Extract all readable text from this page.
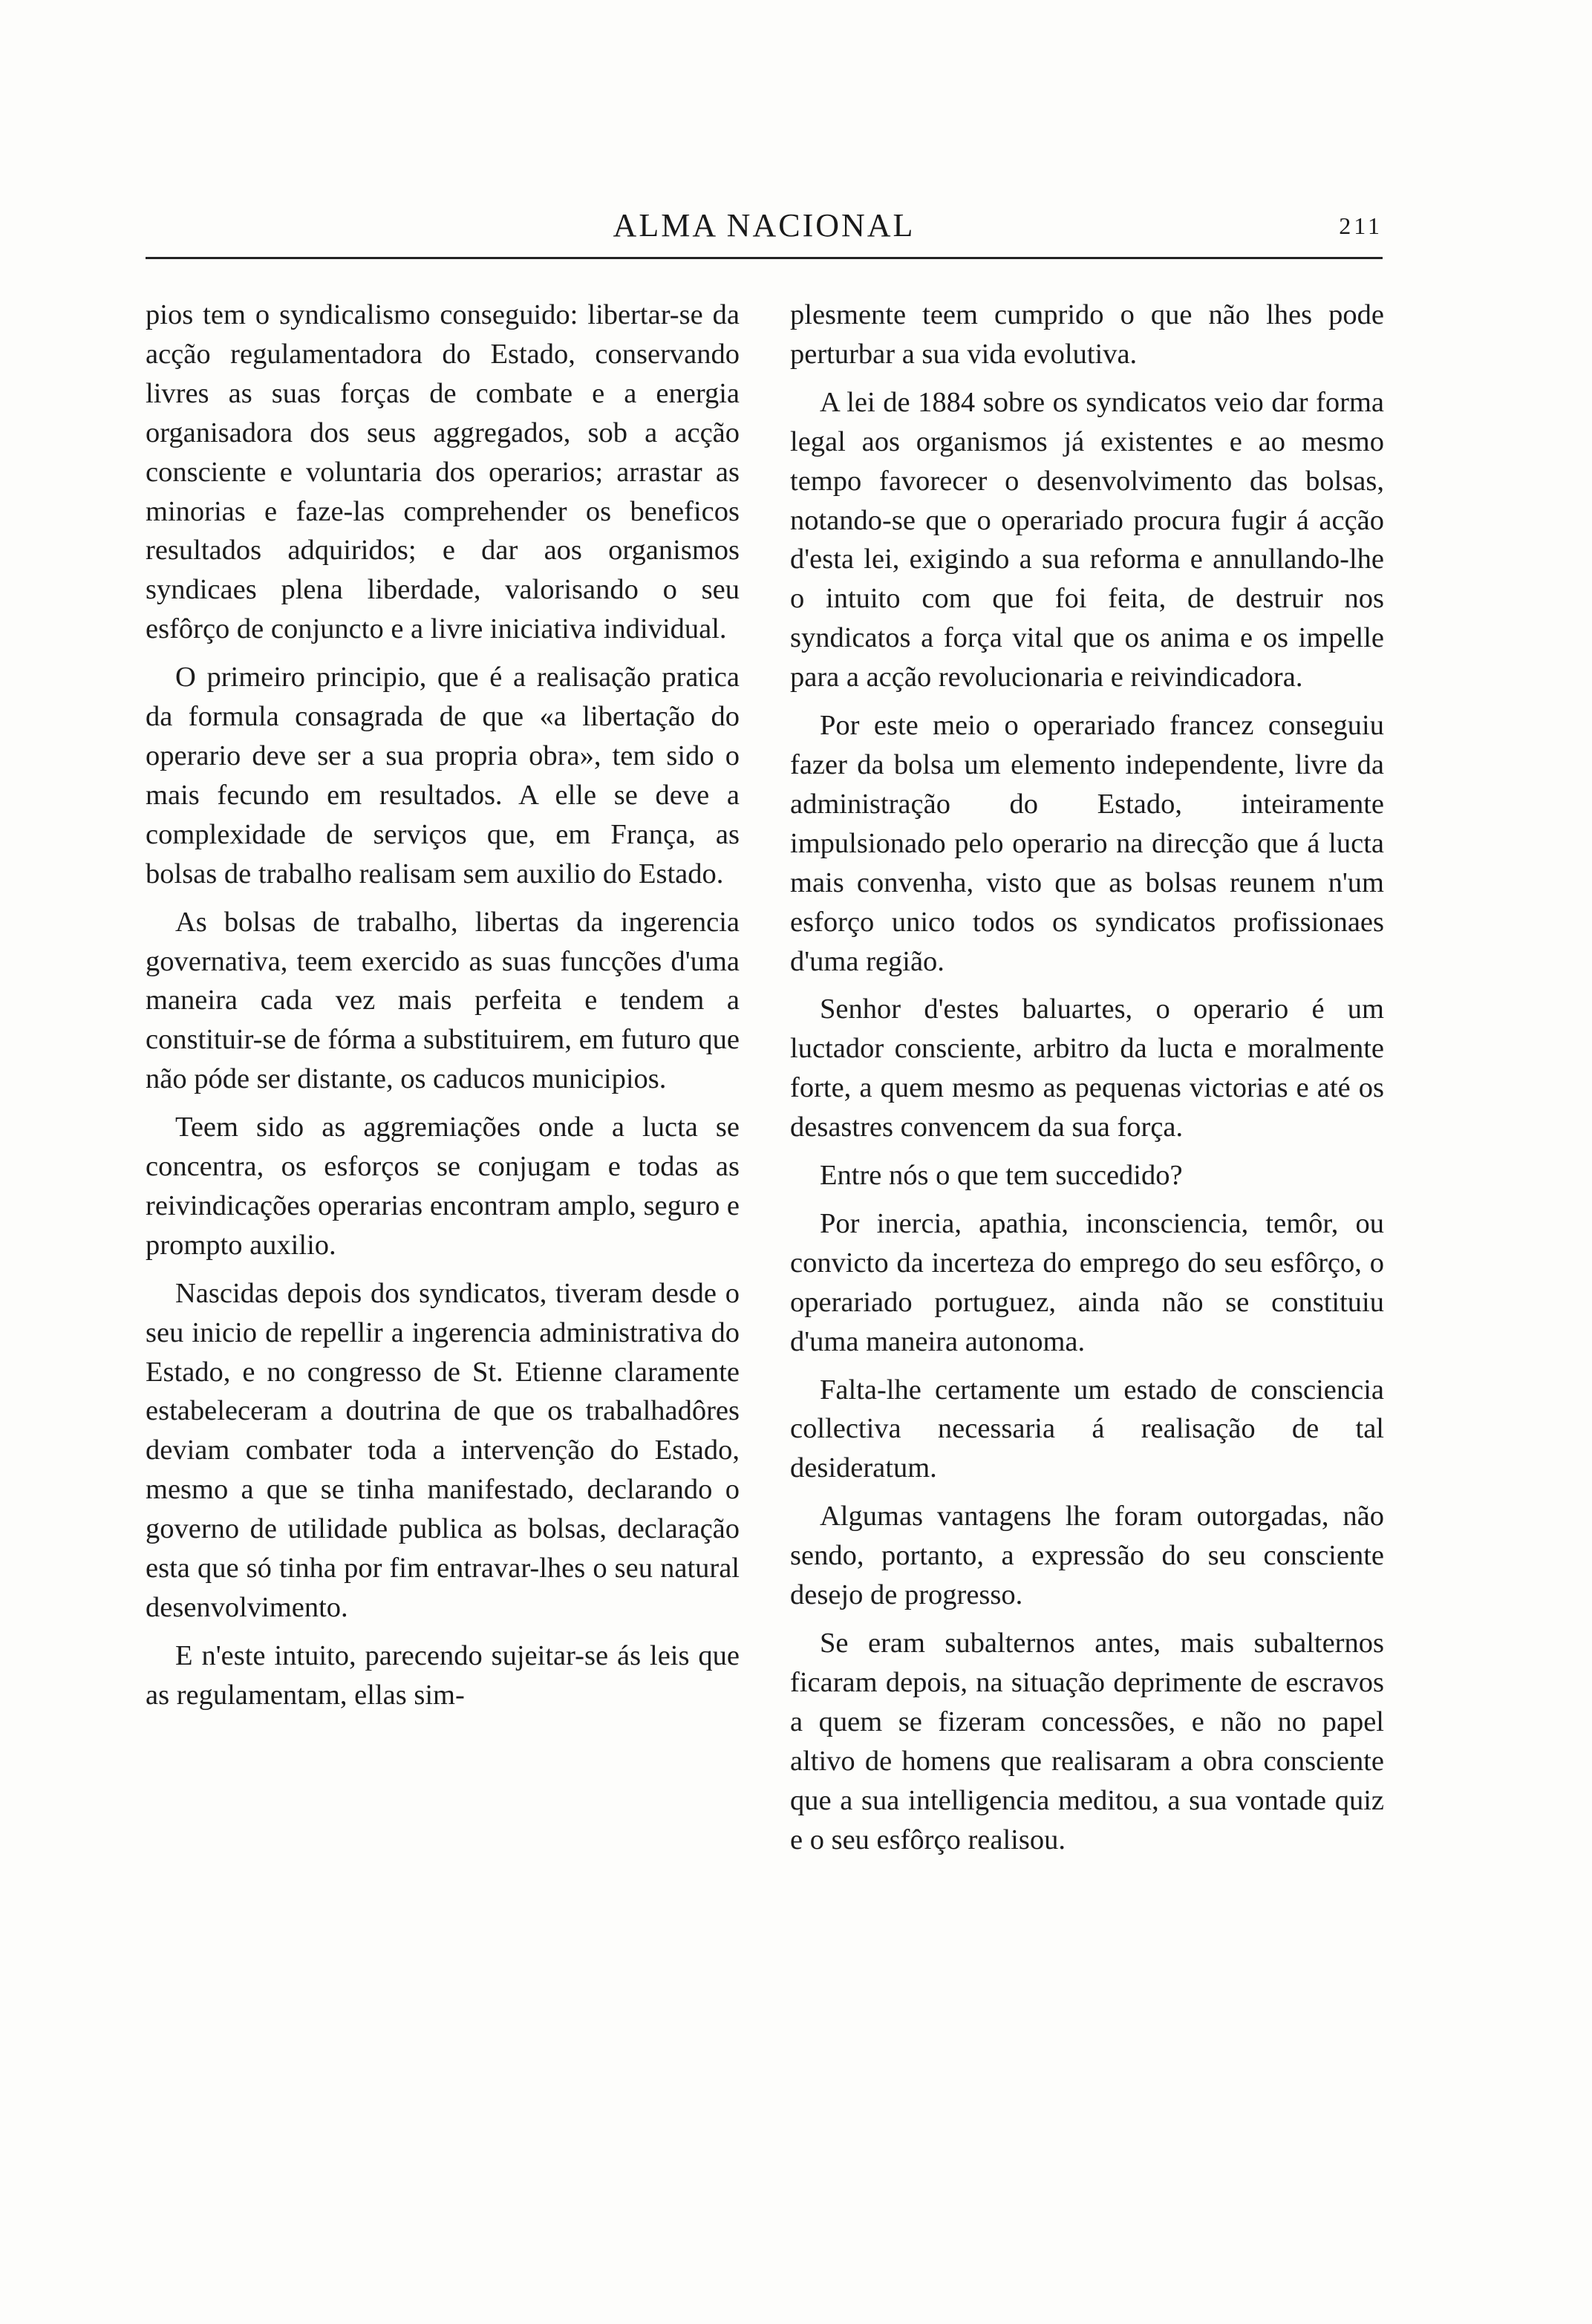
ALMA NACIONAL	211

pios tem o syndicalismo conseguido: libertar-se da acção regulamentadora do Estado, conservando livres as suas forças de combate e a energia organisadora dos seus aggregados, sob a acção consciente e voluntaria dos operarios; arrastar as minorias e faze-las comprehender os beneficos resultados adquiridos; e dar aos organismos syndicaes plena liberdade, valorisando o seu esfôrço de conjuncto e a livre iniciativa individual.

O primeiro principio, que é a realisação pratica da formula consagrada de que «a libertação do operario deve ser a sua propria obra», tem sido o mais fecundo em resultados. A elle se deve a complexidade de serviços que, em França, as bolsas de trabalho realisam sem auxilio do Estado.

As bolsas de trabalho, libertas da ingerencia governativa, teem exercido as suas funcções d'uma maneira cada vez mais perfeita e tendem a constituir-se de fórma a substituirem, em futuro que não póde ser distante, os caducos municipios.

Teem sido as aggremiações onde a lucta se concentra, os esforços se conjugam e todas as reivindicações operarias encontram amplo, seguro e prompto auxilio.

Nascidas depois dos syndicatos, tiveram desde o seu inicio de repellir a ingerencia administrativa do Estado, e no congresso de St. Etienne claramente estabeleceram a doutrina de que os trabalhadôres deviam combater toda a intervenção do Estado, mesmo a que se tinha manifestado, declarando o governo de utilidade publica as bolsas, declaração esta que só tinha por fim entravar-lhes o seu natural desenvolvimento.

E n'este intuito, parecendo sujeitar-se ás leis que as regulamentam, ellas sim-

plesmente teem cumprido o que não lhes pode perturbar a sua vida evolutiva.

A lei de 1884 sobre os syndicatos veio dar forma legal aos organismos já existentes e ao mesmo tempo favorecer o desenvolvimento das bolsas, notando-se que o operariado procura fugir á acção d'esta lei, exigindo a sua reforma e annullando-lhe o intuito com que foi feita, de destruir nos syndicatos a força vital que os anima e os impelle para a acção revolucionaria e reivindicadora.

Por este meio o operariado francez conseguiu fazer da bolsa um elemento independente, livre da administração do Estado, inteiramente impulsionado pelo operario na direcção que á lucta mais convenha, visto que as bolsas reunem n'um esforço unico todos os syndicatos profissionaes d'uma região.

Senhor d'estes baluartes, o operario é um luctador consciente, arbitro da lucta e moralmente forte, a quem mesmo as pequenas victorias e até os desastres convencem da sua força.

Entre nós o que tem succedido?

Por inercia, apathia, inconsciencia, temôr, ou convicto da incerteza do emprego do seu esfôrço, o operariado portuguez, ainda não se constituiu d'uma maneira autonoma.

Falta-lhe certamente um estado de consciencia collectiva necessaria á realisação de tal desideratum.

Algumas vantagens lhe foram outorgadas, não sendo, portanto, a expressão do seu consciente desejo de progresso.

Se eram subalternos antes, mais subalternos ficaram depois, na situação deprimente de escravos a quem se fizeram concessões, e não no papel altivo de homens que realisaram a obra consciente que a sua intelligencia meditou, a sua vontade quiz e o seu esfôrço realisou.
